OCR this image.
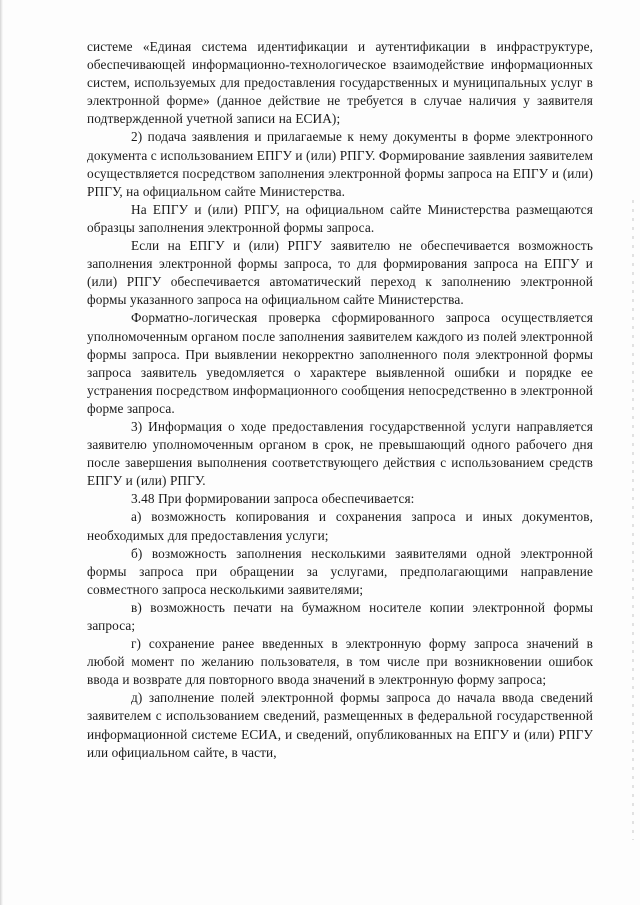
системе «Единая система идентификации и аутентификации в инфраструктуре, обеспечивающей информационно-технологическое взаимодействие информационных систем, используемых для предоставления государственных и муниципальных услуг в электронной форме» (данное действие не требуется в случае наличия у заявителя подтвержденной учетной записи на ЕСИА);

2) подача заявления и прилагаемые к нему документы в форме электронного документа с использованием ЕПГУ и (или) РПГУ. Формирование заявления заявителем осуществляется посредством заполнения электронной формы запроса на ЕПГУ и (или) РПГУ, на официальном сайте Министерства.

На ЕПГУ и (или) РПГУ, на официальном сайте Министерства размещаются образцы заполнения электронной формы запроса.

Если на ЕПГУ и (или) РПГУ заявителю не обеспечивается возможность заполнения электронной формы запроса, то для формирования запроса на ЕПГУ и (или) РПГУ обеспечивается автоматический переход к заполнению электронной формы указанного запроса на официальном сайте Министерства.

Форматно-логическая проверка сформированного запроса осуществляется уполномоченным органом после заполнения заявителем каждого из полей электронной формы запроса. При выявлении некорректно заполненного поля электронной формы запроса заявитель уведомляется о характере выявленной ошибки и порядке ее устранения посредством информационного сообщения непосредственно в электронной форме запроса.

3) Информация о ходе предоставления государственной услуги направляется заявителю уполномоченным органом в срок, не превышающий одного рабочего дня после завершения выполнения соответствующего действия с использованием средств ЕПГУ и (или) РПГУ.

3.48 При формировании запроса обеспечивается:

а) возможность копирования и сохранения запроса и иных документов, необходимых для предоставления услуги;

б) возможность заполнения несколькими заявителями одной электронной формы запроса при обращении за услугами, предполагающими направление совместного запроса несколькими заявителями;

в) возможность печати на бумажном носителе копии электронной формы запроса;

г) сохранение ранее введенных в электронную форму запроса значений в любой момент по желанию пользователя, в том числе при возникновении ошибок ввода и возврате для повторного ввода значений в электронную форму запроса;

д) заполнение полей электронной формы запроса до начала ввода сведений заявителем с использованием сведений, размещенных в федеральной государственной информационной системе ЕСИА, и сведений, опубликованных на ЕПГУ и (или) РПГУ или официальном сайте, в части,
